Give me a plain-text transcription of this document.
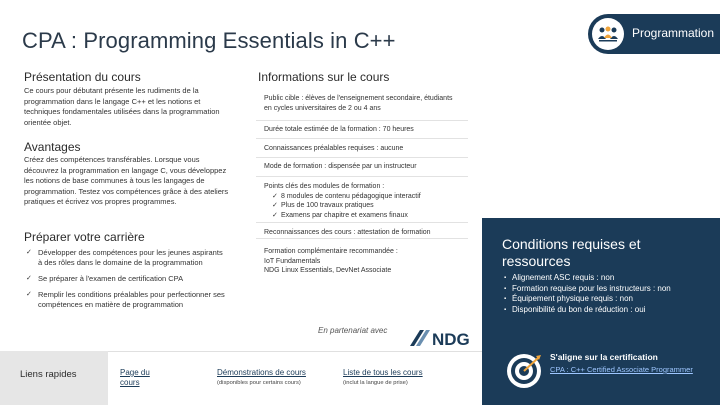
CPA : Programming Essentials in C++	Programmation
Présentation du cours
Ce cours pour débutant présente les rudiments de la programmation dans le langage C++ et les notions et techniques fondamentales utilisées dans la programmation orientée objet.
Avantages
Créez des compétences transférables. Lorsque vous découvrez la programmation en langage C, vous développez les notions de base communes à tous les langages de programmation. Testez vos compétences grâce à des ateliers pratiques et écrivez vos propres programmes.
Préparer votre carrière
✓ Développer des compétences pour les jeunes aspirants à des rôles dans le domaine de la programmation
✓ Se préparer à l'examen de certification CPA
✓ Remplir les conditions préalables pour perfectionner ses compétences en matière de programmation
Informations sur le cours
Public cible : élèves de l'enseignement secondaire, étudiants en cycles universitaires de 2 ou 4 ans
Durée totale estimée de la formation : 70 heures
Connaissances préalables requises : aucune
Mode de formation : dispensée par un instructeur
Points clés des modules de formation :
✓ 8 modules de contenu pédagogique interactif
✓ Plus de 100 travaux pratiques
✓ Examens par chapitre et examens finaux
Reconnaissances des cours : attestation de formation
Formation complémentaire recommandée :
IoT Fundamentals
NDG Linux Essentials, DevNet Associate
En partenariat avec	NDG
Conditions requises et ressources
▪ Alignement ASC requis : non
▪ Formation requise pour les instructeurs : non
▪ Équipement physique requis : non
▪ Disponibilité du bon de réduction : oui
Liens rapides	Page du cours
Démonstrations de cours
(disponibles pour certains cours)
Liste de tous les cours
(inclut la langue de prise)
S'aligne sur la certification
CPA : C++ Certified Associate Programmer
